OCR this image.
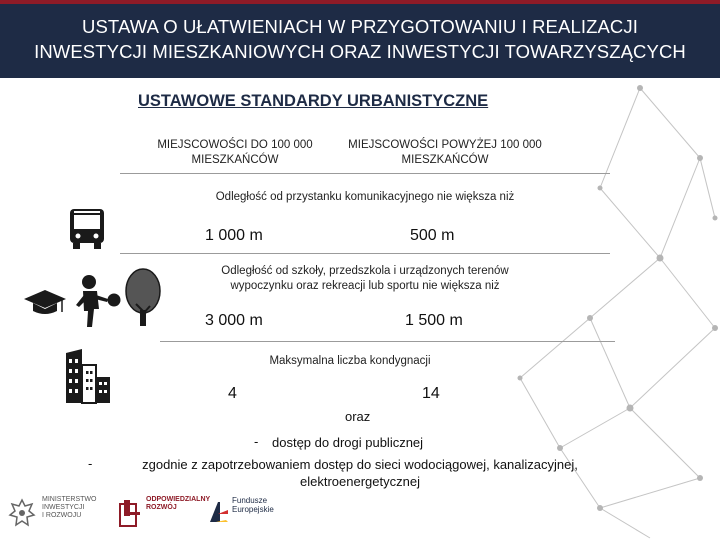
USTAWA O UŁATWIENIACH W PRZYGOTOWANIU I REALIZACJI
INWESTYCJI MIESZKANIOWYCH ORAZ INWESTYCJI TOWARZYSZĄCYCH
USTAWOWE STANDARDY URBANISTYCZNE
MIEJSCOWOŚCI DO 100 000
MIESZKAŃCÓW
MIEJSCOWOŚCI POWYŻEJ 100 000
MIESZKAŃCÓW
Odległość od przystanku komunikacyjnego nie większa niż
1 000 m	500 m
Odległość od szkoły, przedszkola i urządzonych terenów
wypoczynku oraz rekreacji lub sportu nie większa niż
3 000 m	1 500 m
Maksymalna liczba kondygnacji
4	14
oraz
- dostęp do drogi publicznej
-	zgodnie z zapotrzebowaniem dostęp do sieci wodociągowej, kanalizacyjnej,
elektroenergetycznej
MINISTERSTWO
INWESTYCJI
I ROZWOJU
ODPOWIEDZIALNY
ROZWÓJ
Fundusze
Europejskie
